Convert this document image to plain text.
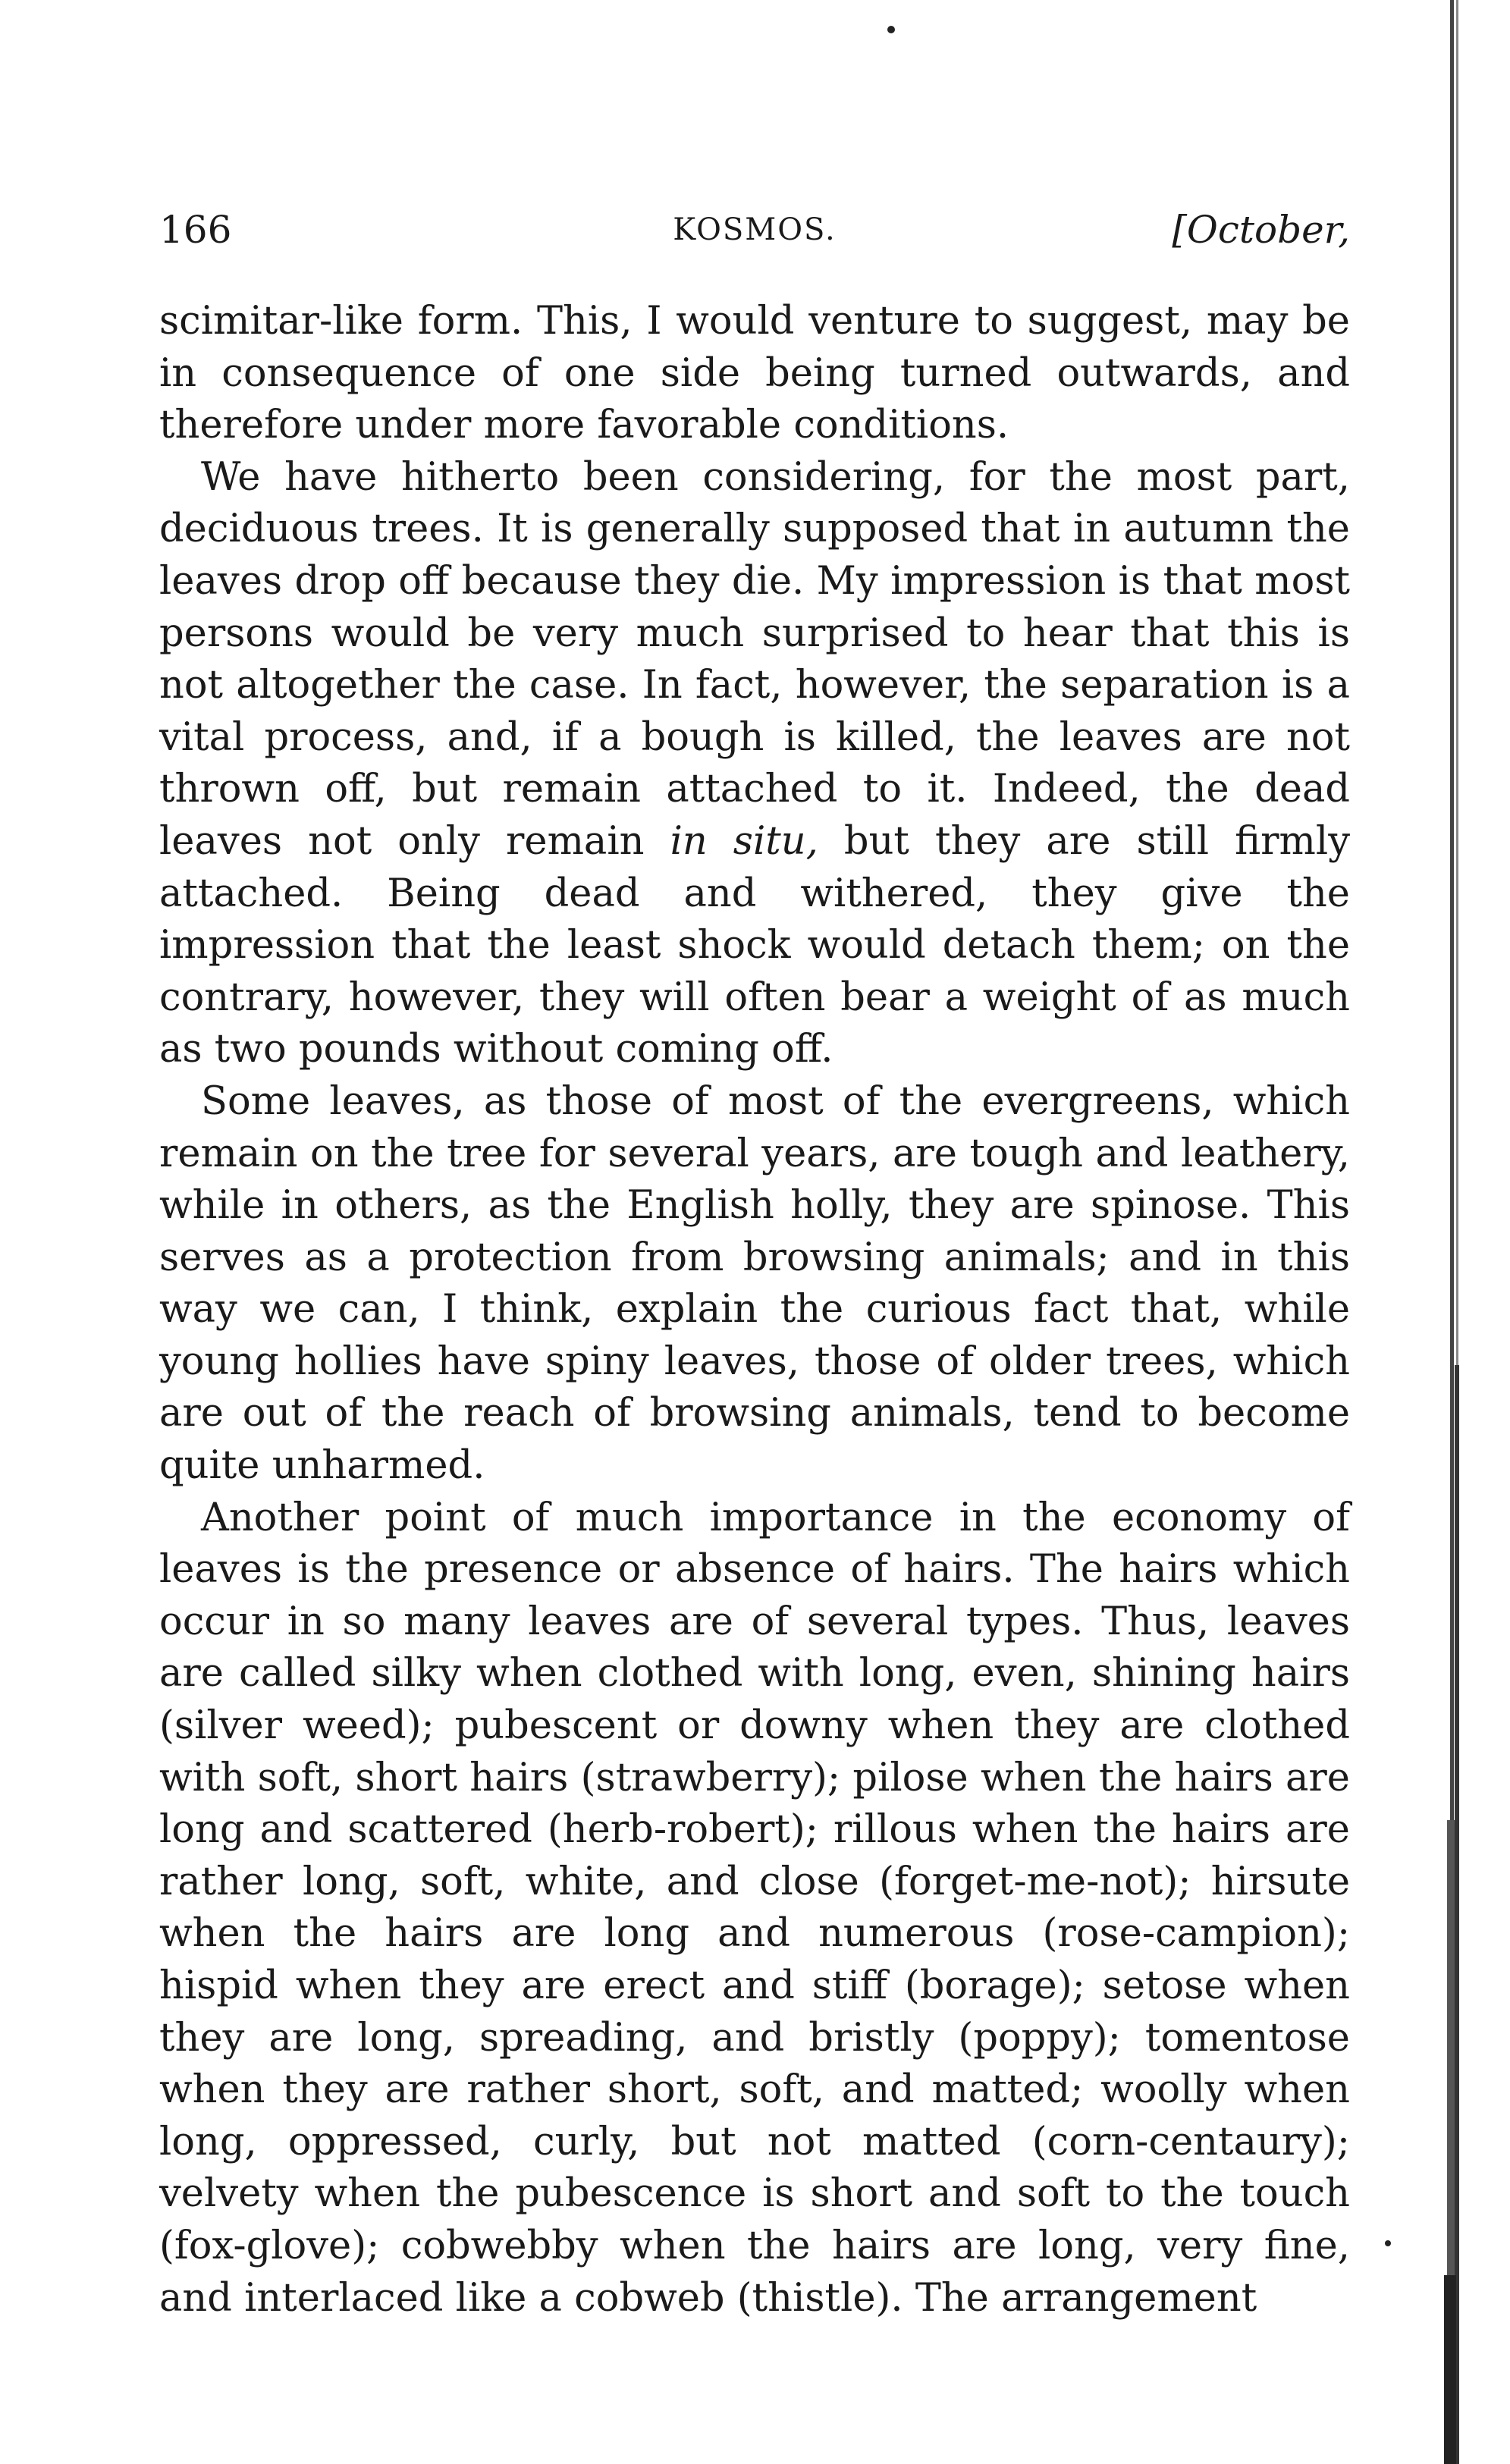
166	KOSMOS.	[October,

scimitar-like form. This, I would venture to suggest, may be in consequence of one side being turned outwards, and therefore under more favorable conditions.

We have hitherto been considering, for the most part, deciduous trees. It is generally supposed that in autumn the leaves drop off because they die. My impression is that most persons would be very much surprised to hear that this is not altogether the case. In fact, however, the separation is a vital process, and, if a bough is killed, the leaves are not thrown off, but remain attached to it. Indeed, the dead leaves not only remain in situ, but they are still firmly attached. Being dead and withered, they give the impression that the least shock would detach them; on the contrary, however, they will often bear a weight of as much as two pounds without coming off.

Some leaves, as those of most of the evergreens, which remain on the tree for several years, are tough and leathery, while in others, as the English holly, they are spinose. This serves as a protection from browsing animals; and in this way we can, I think, explain the curious fact that, while young hollies have spiny leaves, those of older trees, which are out of the reach of browsing animals, tend to become quite unharmed.

Another point of much importance in the economy of leaves is the presence or absence of hairs. The hairs which occur in so many leaves are of several types. Thus, leaves are called silky when clothed with long, even, shining hairs (silver weed); pubescent or downy when they are clothed with soft, short hairs (strawberry); pilose when the hairs are long and scattered (herb-robert); rillous when the hairs are rather long, soft, white, and close (forget-me-not); hirsute when the hairs are long and numerous (rose-campion); hispid when they are erect and stiff (borage); setose when they are long, spreading, and bristly (poppy); tomentose when they are rather short, soft, and matted; woolly when long, oppressed, curly, but not matted (corn-centaury); velvety when the pubescence is short and soft to the touch (fox-glove); cobwebby when the hairs are long, very fine, and interlaced like a cobweb (thistle). The arrangement
